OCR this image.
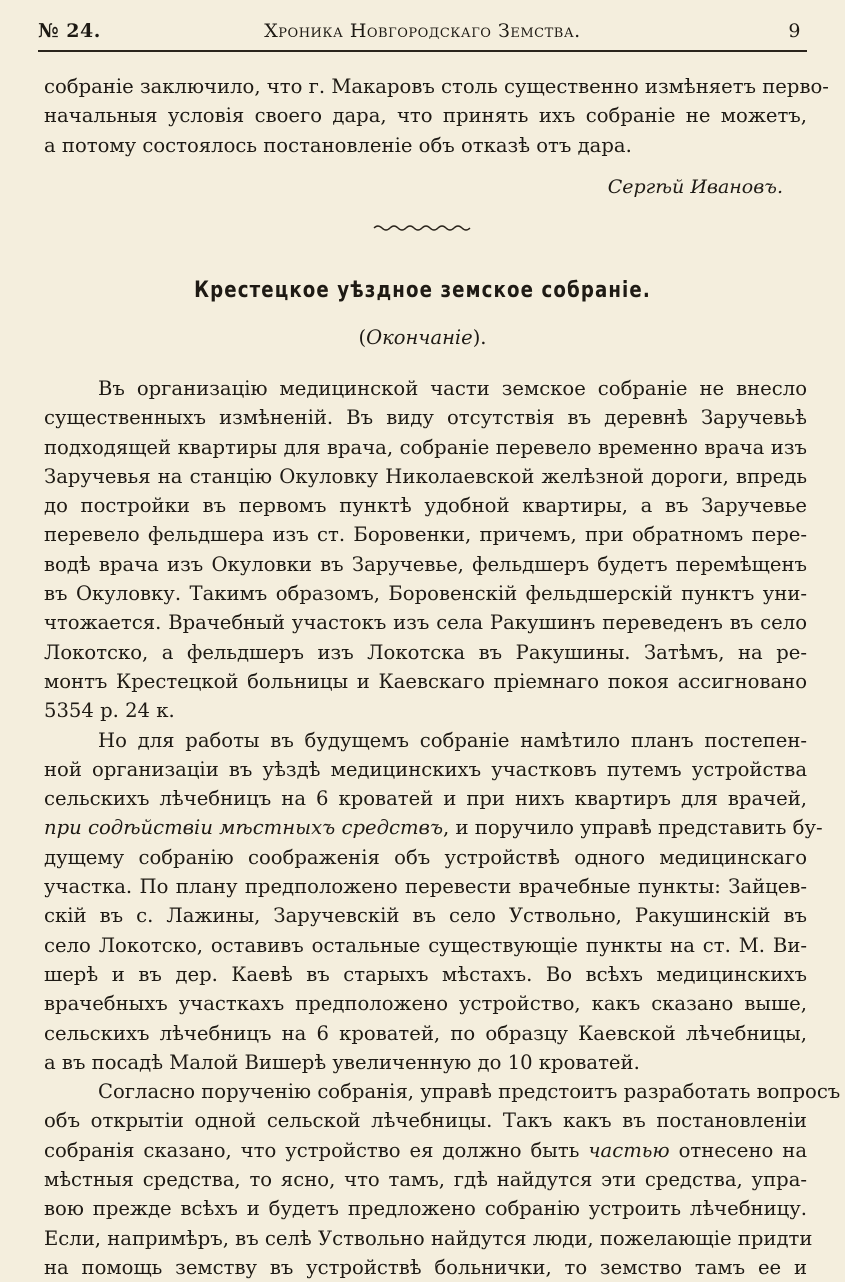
№ 24.	Хроника Новгородскаго Земства.	9
собраніе заключило, что г. Макаровъ столь существенно измѣняетъ перво-
начальныя условія своего дара, что принять ихъ собраніе не можетъ,
а потому состоялось постановленіе объ отказѣ отъ дара.
Сергѣй Ивановъ.
Крестецкое уѣздное земское собраніе.
(Окончаніе).
Въ организацію медицинской части земское собраніе не внесло
существенныхъ измѣненій. Въ виду отсутствія въ деревнѣ Заручевьѣ
подходящей квартиры для врача, собраніе перевело временно врача изъ
Заручевья на станцію Окуловку Николаевской желѣзной дороги, впредь
до постройки въ первомъ пунктѣ удобной квартиры, а въ Заручевье
перевело фельдшера изъ ст. Боровенки, причемъ, при обратномъ пере-
водѣ врача изъ Окуловки въ Заручевье, фельдшеръ будетъ перемѣщенъ
въ Окуловку. Такимъ образомъ, Боровенскій фельдшерскій пунктъ уни-
чтожается. Врачебный участокъ изъ села Ракушинъ переведенъ въ село
Локотско, а фельдшеръ изъ Локотска въ Ракушины. Затѣмъ, на ре-
монтъ Крестецкой больницы и Каевскаго пріемнаго покоя ассигновано
5354 р. 24 к.
Но для работы въ будущемъ собраніе намѣтило планъ постепен-
ной организаціи въ уѣздѣ медицинскихъ участковъ путемъ устройства
сельскихъ лѣчебницъ на 6 кроватей и при нихъ квартиръ для врачей,
при содѣйствіи мѣстныхъ средствъ, и поручило управѣ представить бу-
дущему собранію соображенія объ устройствѣ одного медицинскаго
участка. По плану предположено перевести врачебные пункты: Зайцев-
скій въ с. Лажины, Заручевскій въ село Уствольно, Ракушинскій въ
село Локотско, оставивъ остальные существующіе пункты на ст. М. Ви-
шерѣ и въ дер. Каевѣ въ старыхъ мѣстахъ. Во всѣхъ медицинскихъ
врачебныхъ участкахъ предположено устройство, какъ сказано выше,
сельскихъ лѣчебницъ на 6 кроватей, по образцу Каевской лѣчебницы,
а въ посадѣ Малой Вишерѣ увеличенную до 10 кроватей.
Согласно порученію собранія, управѣ предстоитъ разработать вопросъ
объ открытіи одной сельской лѣчебницы. Такъ какъ въ постановленіи
собранія сказано, что устройство ея должно быть частью отнесено на
мѣстныя средства, то ясно, что тамъ, гдѣ найдутся эти средства, упра-
вою прежде всѣхъ и будетъ предложено собранію устроить лѣчебницу.
Если, напримѣръ, въ селѣ Уствольно найдутся люди, пожелающіе придти
на помощь земству въ устройствѣ больнички, то земство тамъ ее и
